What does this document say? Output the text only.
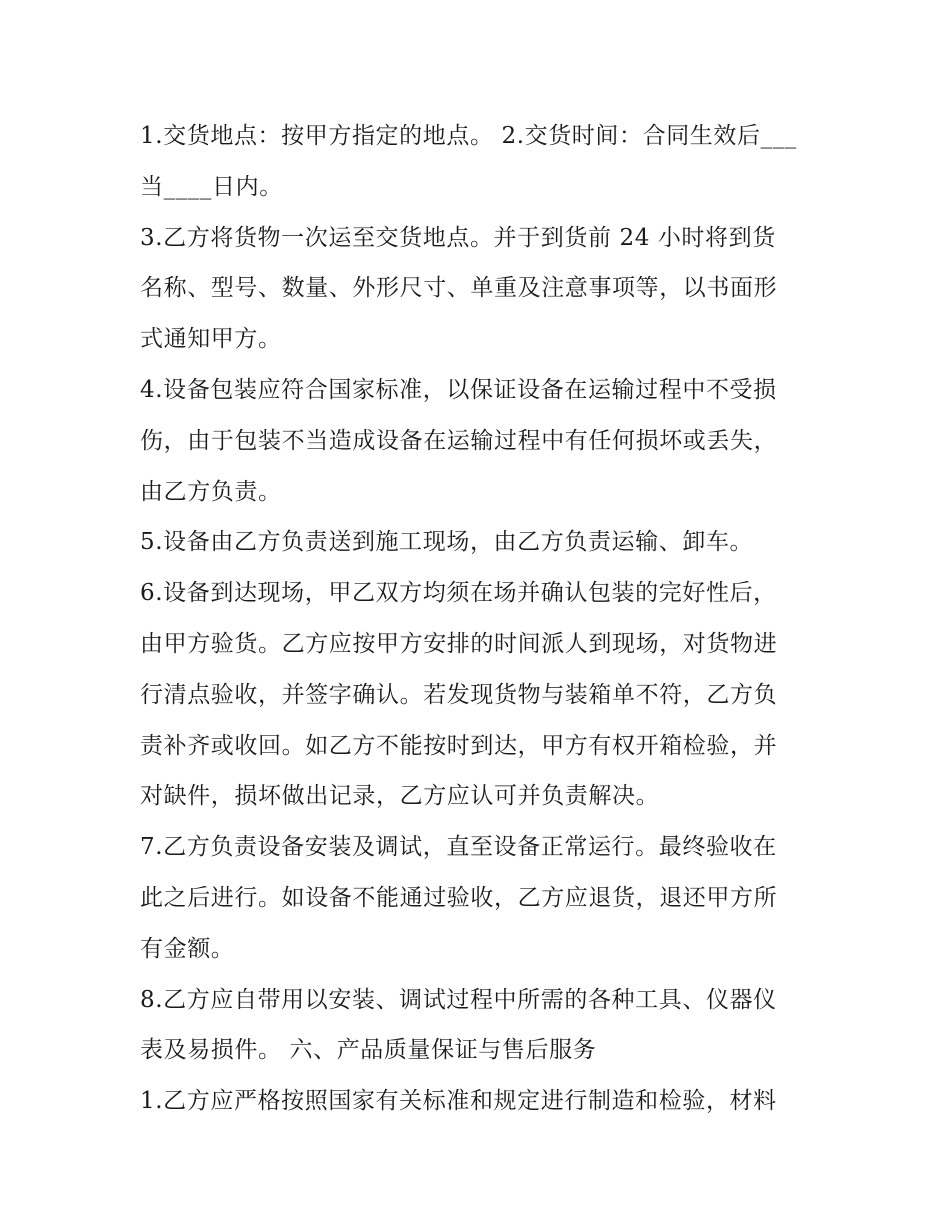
1.交货地点：按甲方指定的地点。 2.交货时间：合同生效后___
当____日内。

3.乙方将货物一次运至交货地点。并于到货前 24 小时将到货
名称、型号、数量、外形尺寸、单重及注意事项等，以书面形
式通知甲方。

4.设备包装应符合国家标准，以保证设备在运输过程中不受损
伤，由于包装不当造成设备在运输过程中有任何损坏或丢失，
由乙方负责。

5.设备由乙方负责送到施工现场，由乙方负责运输、卸车。

6.设备到达现场，甲乙双方均须在场并确认包装的完好性后，
由甲方验货。乙方应按甲方安排的时间派人到现场，对货物进
行清点验收，并签字确认。若发现货物与装箱单不符，乙方负
责补齐或收回。如乙方不能按时到达，甲方有权开箱检验，并
对缺件，损坏做出记录，乙方应认可并负责解决。

7.乙方负责设备安装及调试，直至设备正常运行。最终验收在
此之后进行。如设备不能通过验收，乙方应退货，退还甲方所
有金额。

8.乙方应自带用以安装、调试过程中所需的各种工具、仪器仪
表及易损件。 六、产品质量保证与售后服务

1.乙方应严格按照国家有关标准和规定进行制造和检验，材料
